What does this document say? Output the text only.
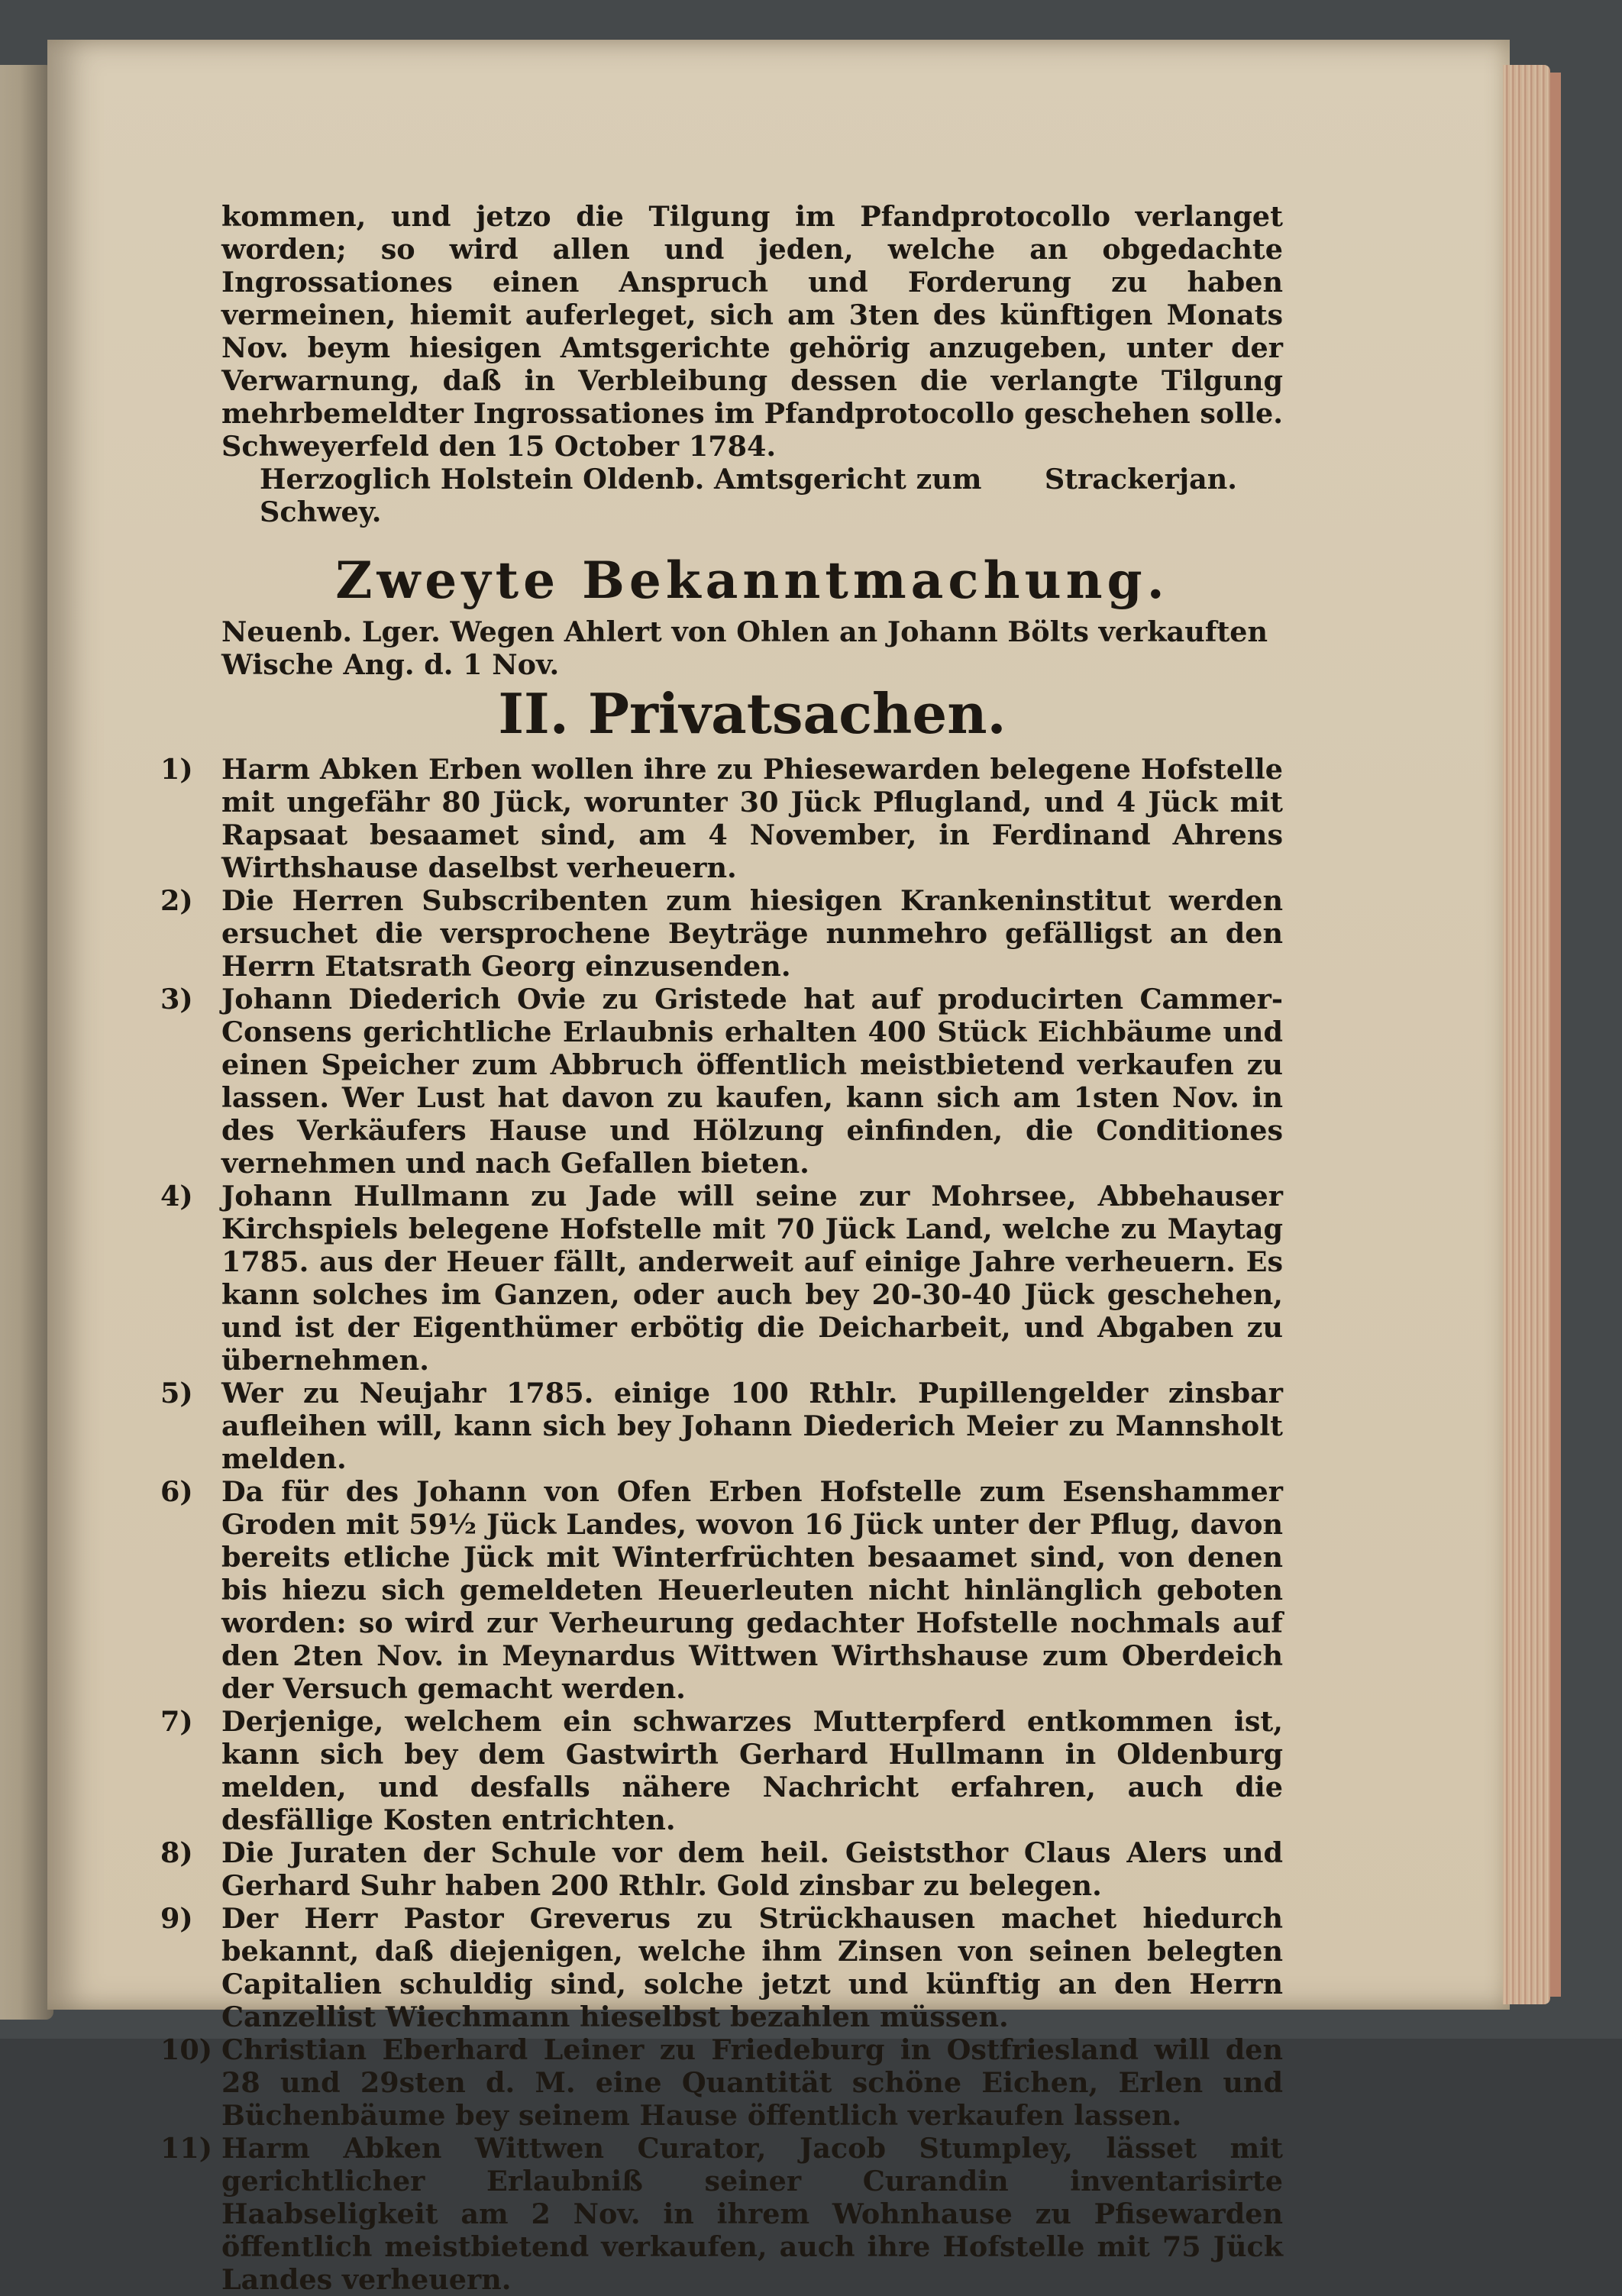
kommen, und jetzo die Tilgung im Pfandprotocollo verlanget worden; so wird allen und jeden, welche an obgedachte Ingrossationes einen Anspruch und Forderung zu haben vermeinen, hiemit auferleget, sich am 3ten des künftigen Monats Nov. beym hiesigen Amtsgerichte gehörig anzugeben, unter der Verwarnung, daß in Verbleibung dessen die verlangte Tilgung mehrbemeldter Ingrossationes im Pfandprotocollo geschehen solle. Schweyerfeld den 15 October 1784.
Herzoglich Holstein Oldenb. Amtsgericht zum Schwey.
Strackerjan.
Zweyte Bekanntmachung.
Neuenb. Lger. Wegen Ahlert von Ohlen an Johann Bölts verkauften Wische Ang. d. 1 Nov.
II. Privatsachen.
1)	Harm Abken Erben wollen ihre zu Phiesewarden belegene Hofstelle mit ungefähr 80 Jück, worunter 30 Jück Pflugland, und 4 Jück mit Rapsaat besaamet sind, am 4 November, in Ferdinand Ahrens Wirthshause daselbst verheuern.
2)	Die Herren Subscribenten zum hiesigen Krankeninstitut werden ersuchet die versprochene Beyträge nunmehro gefälligst an den Herrn Etatsrath Georg einzusenden.
3)	Johann Diederich Ovie zu Gristede hat auf producirten Cammer-Consens gerichtliche Erlaubnis erhalten 400 Stück Eichbäume und einen Speicher zum Abbruch öffentlich meistbietend verkaufen zu lassen. Wer Lust hat davon zu kaufen, kann sich am 1sten Nov. in des Verkäufers Hause und Hölzung einfinden, die Conditiones vernehmen und nach Gefallen bieten.
4)	Johann Hullmann zu Jade will seine zur Mohrsee, Abbehauser Kirchspiels belegene Hofstelle mit 70 Jück Land, welche zu Maytag 1785. aus der Heuer fällt, anderweit auf einige Jahre verheuern. Es kann solches im Ganzen, oder auch bey 20-30-40 Jück geschehen, und ist der Eigenthümer erbötig die Deicharbeit, und Abgaben zu übernehmen.
5)	Wer zu Neujahr 1785. einige 100 Rthlr. Pupillengelder zinsbar aufleihen will, kann sich bey Johann Diederich Meier zu Mannsholt melden.
6)	Da für des Johann von Ofen Erben Hofstelle zum Esenshammer Groden mit 59½ Jück Landes, wovon 16 Jück unter der Pflug, davon bereits etliche Jück mit Winterfrüchten besaamet sind, von denen bis hiezu sich gemeldeten Heuerleuten nicht hinlänglich geboten worden: so wird zur Verheurung gedachter Hofstelle nochmals auf den 2ten Nov. in Meynardus Wittwen Wirthshause zum Oberdeich der Versuch gemacht werden.
7)	Derjenige, welchem ein schwarzes Mutterpferd entkommen ist, kann sich bey dem Gastwirth Gerhard Hullmann in Oldenburg melden, und desfalls nähere Nachricht erfahren, auch die desfällige Kosten entrichten.
8)	Die Juraten der Schule vor dem heil. Geiststhor Claus Alers und Gerhard Suhr haben 200 Rthlr. Gold zinsbar zu belegen.
9)	Der Herr Pastor Greverus zu Strückhausen machet hiedurch bekannt, daß diejenigen, welche ihm Zinsen von seinen belegten Capitalien schuldig sind, solche jetzt und künftig an den Herrn Canzellist Wiechmann hieselbst bezahlen müssen.
10) Christian Eberhard Leiner zu Friedeburg in Ostfriesland will den 28 und 29sten d. M. eine Quantität schöne Eichen, Erlen und Büchenbäume bey seinem Hause öffentlich verkaufen lassen.
11) Harm Abken Wittwen Curator, Jacob Stumpley, lässet mit gerichtlicher Erlaubniß seiner Curandin inventarisirte Haabseligkeit am 2 Nov. in ihrem Wohnhause zu Pfisewarden öffentlich meistbietend verkaufen, auch ihre Hofstelle mit 75 Jück Landes verheuern.
